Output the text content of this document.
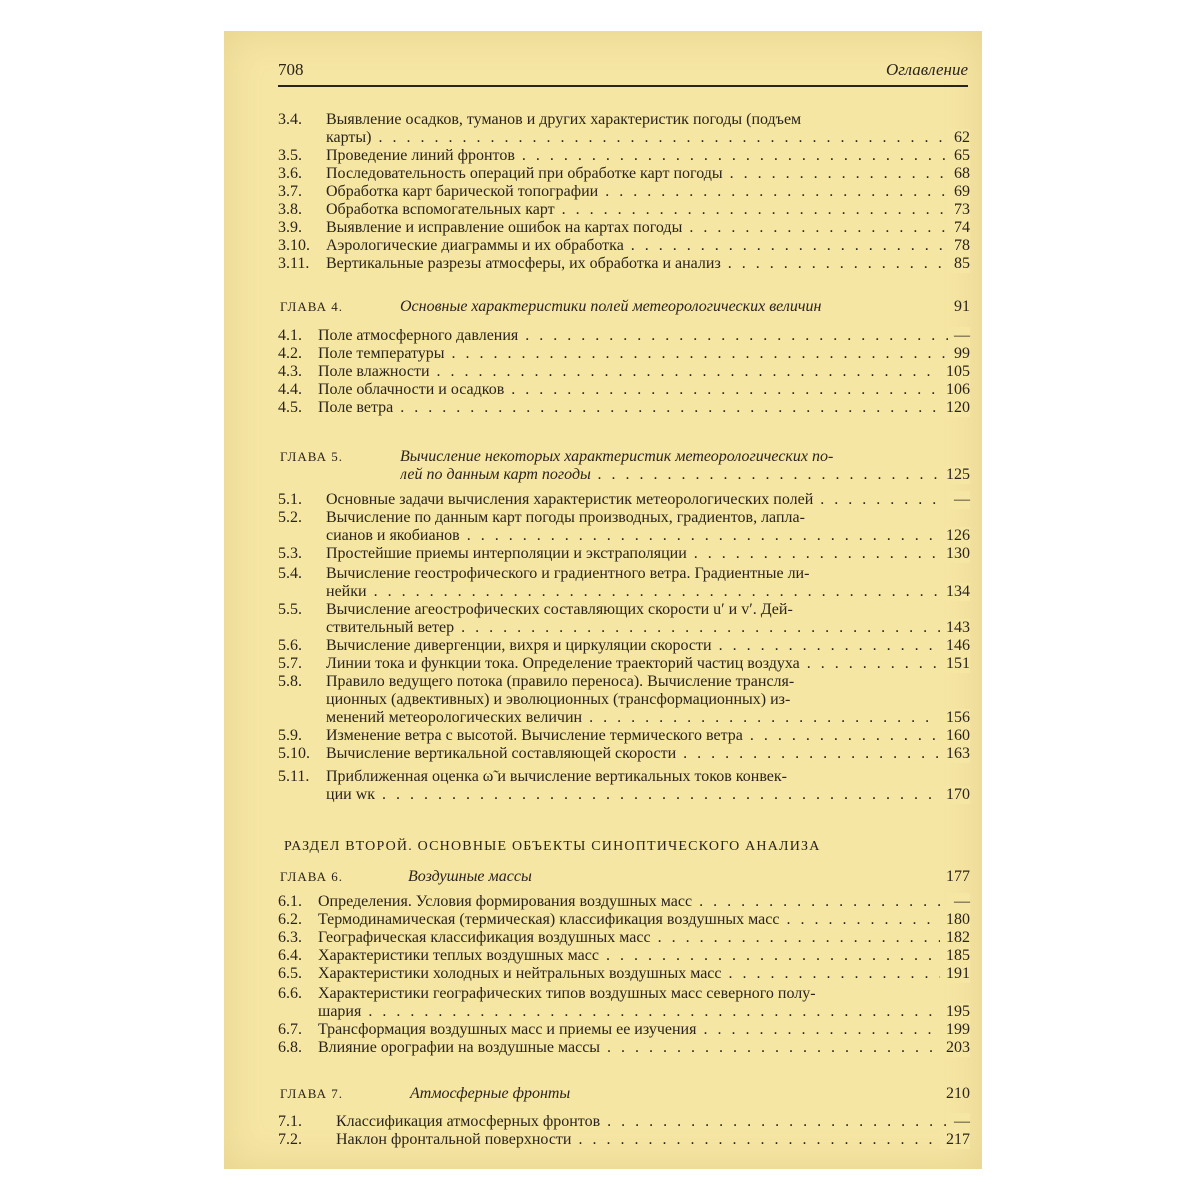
708	Оглавление
3.4. Выявление осадков, туманов и других характеристик погоды (подъем
карты) . . .	62
3.5. Проведение линий фронтов . . .	65
3.6. Последовательность операций при обработке карт погоды . . .	68
3.7. Обработка карт барической топографии . . .	69
3.8. Обработка вспомогательных карт . . .	73
3.9. Выявление и исправление ошибок на картах погоды . . .	74
3.10. Аэрологические диаграммы и их обработка . . .	78
3.11. Вертикальные разрезы атмосферы, их обработка и анализ . . .	85
ГЛАВА 4.	Основные характеристики полей метеорологических величин	91
4.1. Поле атмосферного давления . . .	—
4.2. Поле температуры . . .	99
4.3. Поле влажности . . .	105
4.4. Поле облачности и осадков . . .	106
4.5. Поле ветра . . .	120
ГЛАВА 5.	Вычисление некоторых характеристик метеорологических по-
лей по данным карт погоды . . .	125
5.1. Основные задачи вычисления характеристик метеорологических полей . . .	—
5.2. Вычисление по данным карт погоды производных, градиентов, лапла-
сианов и якобианов . . .	126
5.3. Простейшие приемы интерполяции и экстраполяции . . .	130
5.4. Вычисление геострофического и градиентного ветра. Градиентные ли-
нейки . . .	134
5.5. Вычисление агеострофических составляющих скорости u′ и v′. Дей-
ствительный ветер . . .	143
5.6. Вычисление дивергенции, вихря и циркуляции скорости . . .	146
5.7. Линии тока и функции тока. Определение траекторий частиц воздуха . . .	151
5.8. Правило ведущего потока (правило переноса). Вычисление трансля-
ционных (адвективных) и эволюционных (трансформационных) из-
менений метеорологических величин . . .	156
5.9. Изменение ветра с высотой. Вычисление термического ветра . . .	160
5.10. Вычисление вертикальной составляющей скорости . . .	163
5.11. Приближенная оценка ω̃ и вычисление вертикальных токов конвек-
ции wк . . .	170
РАЗДЕЛ ВТОРОЙ. ОСНОВНЫЕ ОБЪЕКТЫ СИНОПТИЧЕСКОГО АНАЛИЗА
ГЛАВА 6.	Воздушные массы	177
6.1. Определения. Условия формирования воздушных масс . . .	—
6.2. Термодинамическая (термическая) классификация воздушных масс . . .	180
6.3. Географическая классификация воздушных масс . . .	182
6.4. Характеристики теплых воздушных масс . . .	185
6.5. Характеристики холодных и нейтральных воздушных масс . . .	191
6.6. Характеристики географических типов воздушных масс северного полу-
шария . . .	195
6.7. Трансформация воздушных масс и приемы ее изучения . . .	199
6.8. Влияние орографии на воздушные массы . . .	203
ГЛАВА 7.	Атмосферные фронты	210
7.1. Классификация атмосферных фронтов . . .	—
7.2. Наклон фронтальной поверхности . . .	217
